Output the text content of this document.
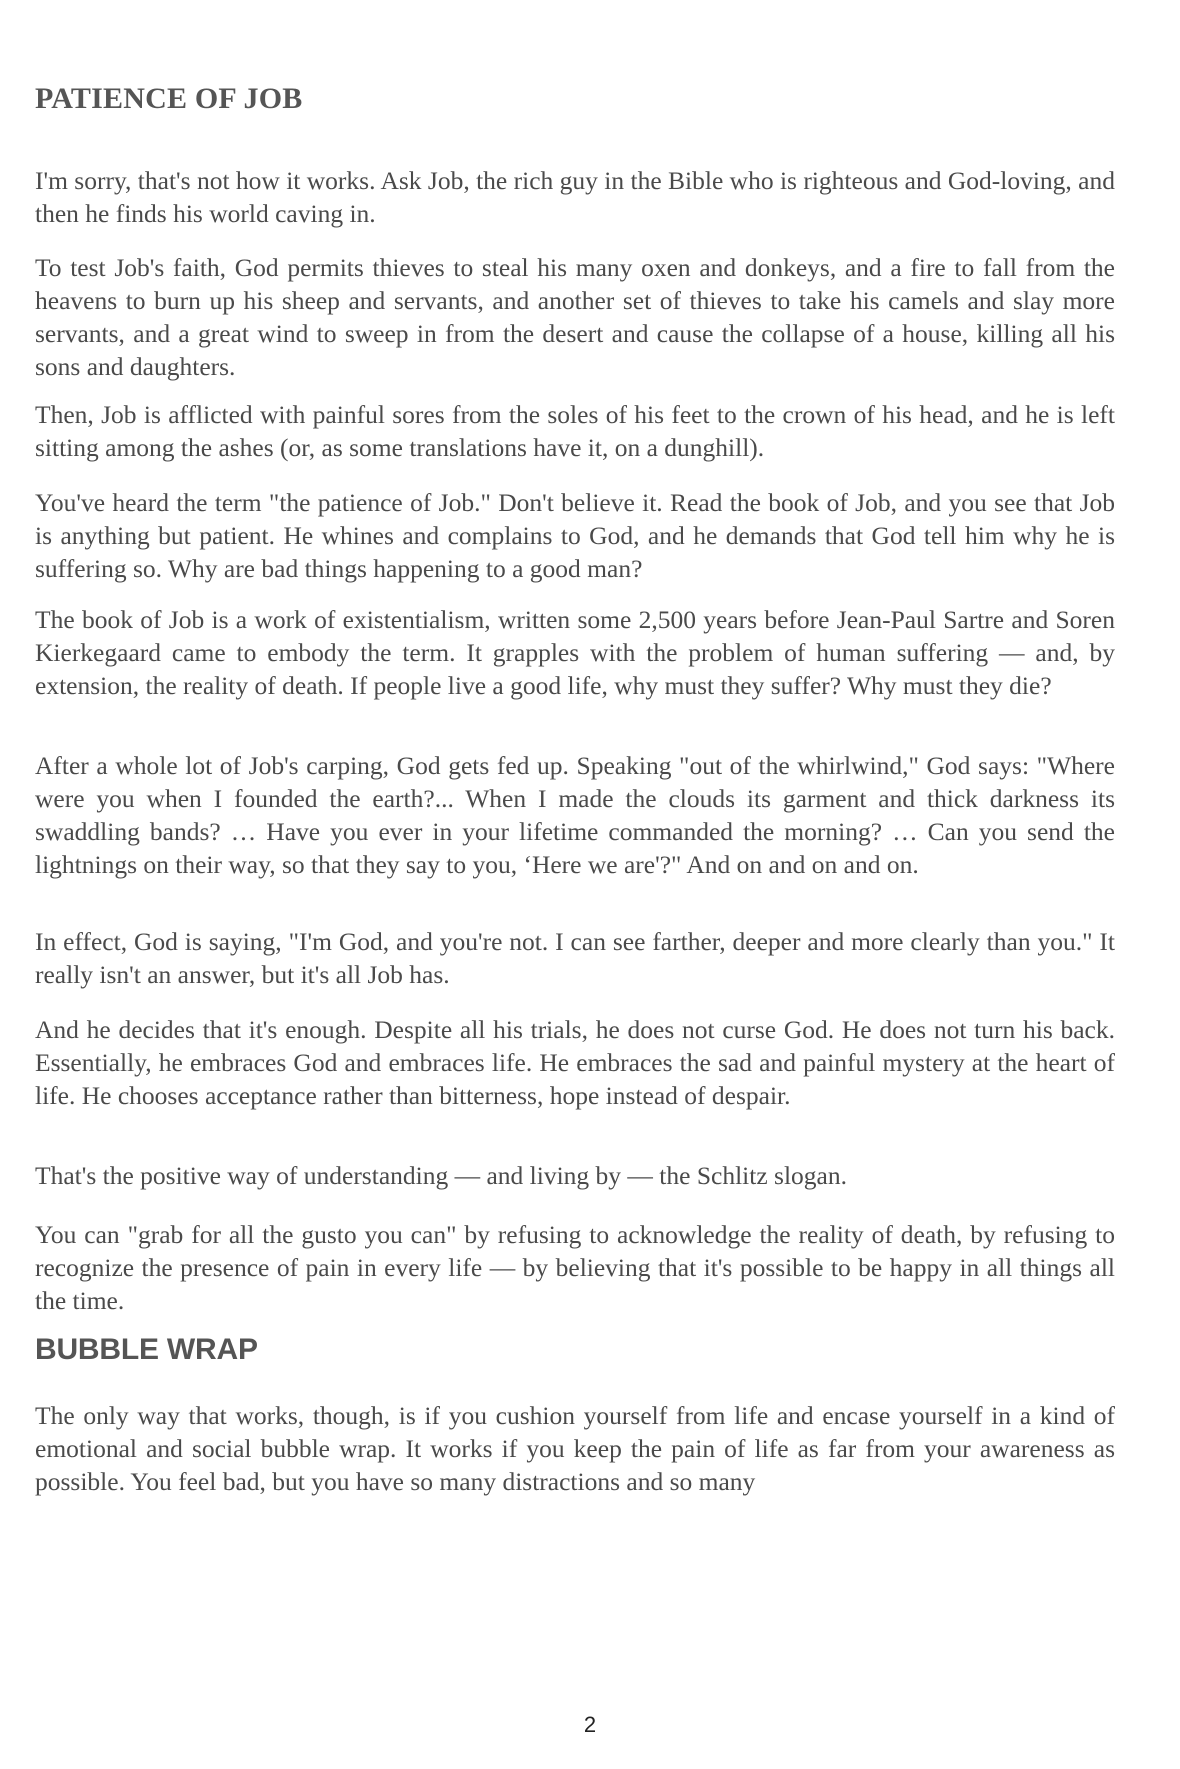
PATIENCE OF JOB

I'm sorry, that's not how it works. Ask Job, the rich guy in the Bible who is righteous and God-loving, and then he finds his world caving in.

To test Job's faith, God permits thieves to steal his many oxen and donkeys, and a fire to fall from the heavens to burn up his sheep and servants, and another set of thieves to take his camels and slay more servants, and a great wind to sweep in from the desert and cause the collapse of a house, killing all his sons and daughters.

Then, Job is afflicted with painful sores from the soles of his feet to the crown of his head, and he is left sitting among the ashes (or, as some translations have it, on a dunghill).

You've heard the term "the patience of Job." Don't believe it. Read the book of Job, and you see that Job is anything but patient. He whines and complains to God, and he demands that God tell him why he is suffering so. Why are bad things happening to a good man?

The book of Job is a work of existentialism, written some 2,500 years before Jean-Paul Sartre and Soren Kierkegaard came to embody the term. It grapples with the problem of human suffering — and, by extension, the reality of death. If people live a good life, why must they suffer? Why must they die?

After a whole lot of Job's carping, God gets fed up. Speaking "out of the whirlwind," God says: "Where were you when I founded the earth?... When I made the clouds its garment and thick darkness its swaddling bands? … Have you ever in your lifetime commanded the morning? … Can you send the lightnings on their way, so that they say to you, ‘Here we are'?" And on and on and on.

In effect, God is saying, "I'm God, and you're not. I can see farther, deeper and more clearly than you." It really isn't an answer, but it's all Job has.

And he decides that it's enough. Despite all his trials, he does not curse God. He does not turn his back. Essentially, he embraces God and embraces life. He embraces the sad and painful mystery at the heart of life. He chooses acceptance rather than bitterness, hope instead of despair.

That's the positive way of understanding — and living by — the Schlitz slogan.

You can "grab for all the gusto you can" by refusing to acknowledge the reality of death, by refusing to recognize the presence of pain in every life — by believing that it's possible to be happy in all things all the time.

BUBBLE WRAP

The only way that works, though, is if you cushion yourself from life and encase yourself in a kind of emotional and social bubble wrap. It works if you keep the pain of life as far from your awareness as possible. You feel bad, but you have so many distractions and so many

2
